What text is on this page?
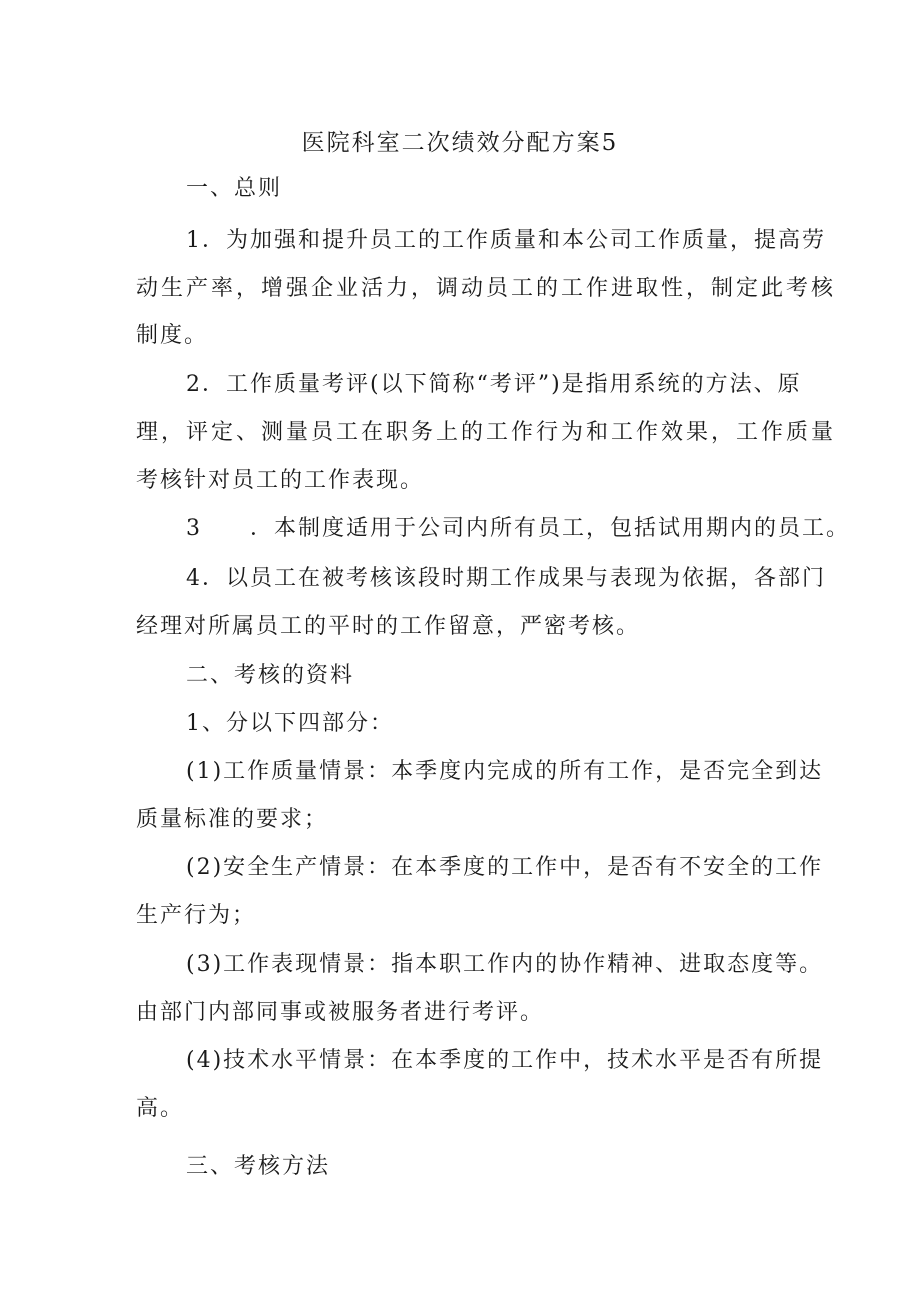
医院科室二次绩效分配方案5
一、总则
1．为加强和提升员工的工作质量和本公司工作质量，提高劳
动生产率，增强企业活力，调动员工的工作进取性，制定此考核
制度。
2．工作质量考评(以下简称“考评”)是指用系统的方法、原
理，评定、测量员工在职务上的工作行为和工作效果，工作质量
考核针对员工的工作表现。
3　　．本制度适用于公司内所有员工，包括试用期内的员工。
4．以员工在被考核该段时期工作成果与表现为依据，各部门
经理对所属员工的平时的工作留意，严密考核。
二、考核的资料
1、分以下四部分：
(1)工作质量情景：本季度内完成的所有工作，是否完全到达
质量标准的要求；
(2)安全生产情景：在本季度的工作中，是否有不安全的工作
生产行为；
(3)工作表现情景：指本职工作内的协作精神、进取态度等。
由部门内部同事或被服务者进行考评。
(4)技术水平情景：在本季度的工作中，技术水平是否有所提
高。
三、考核方法
